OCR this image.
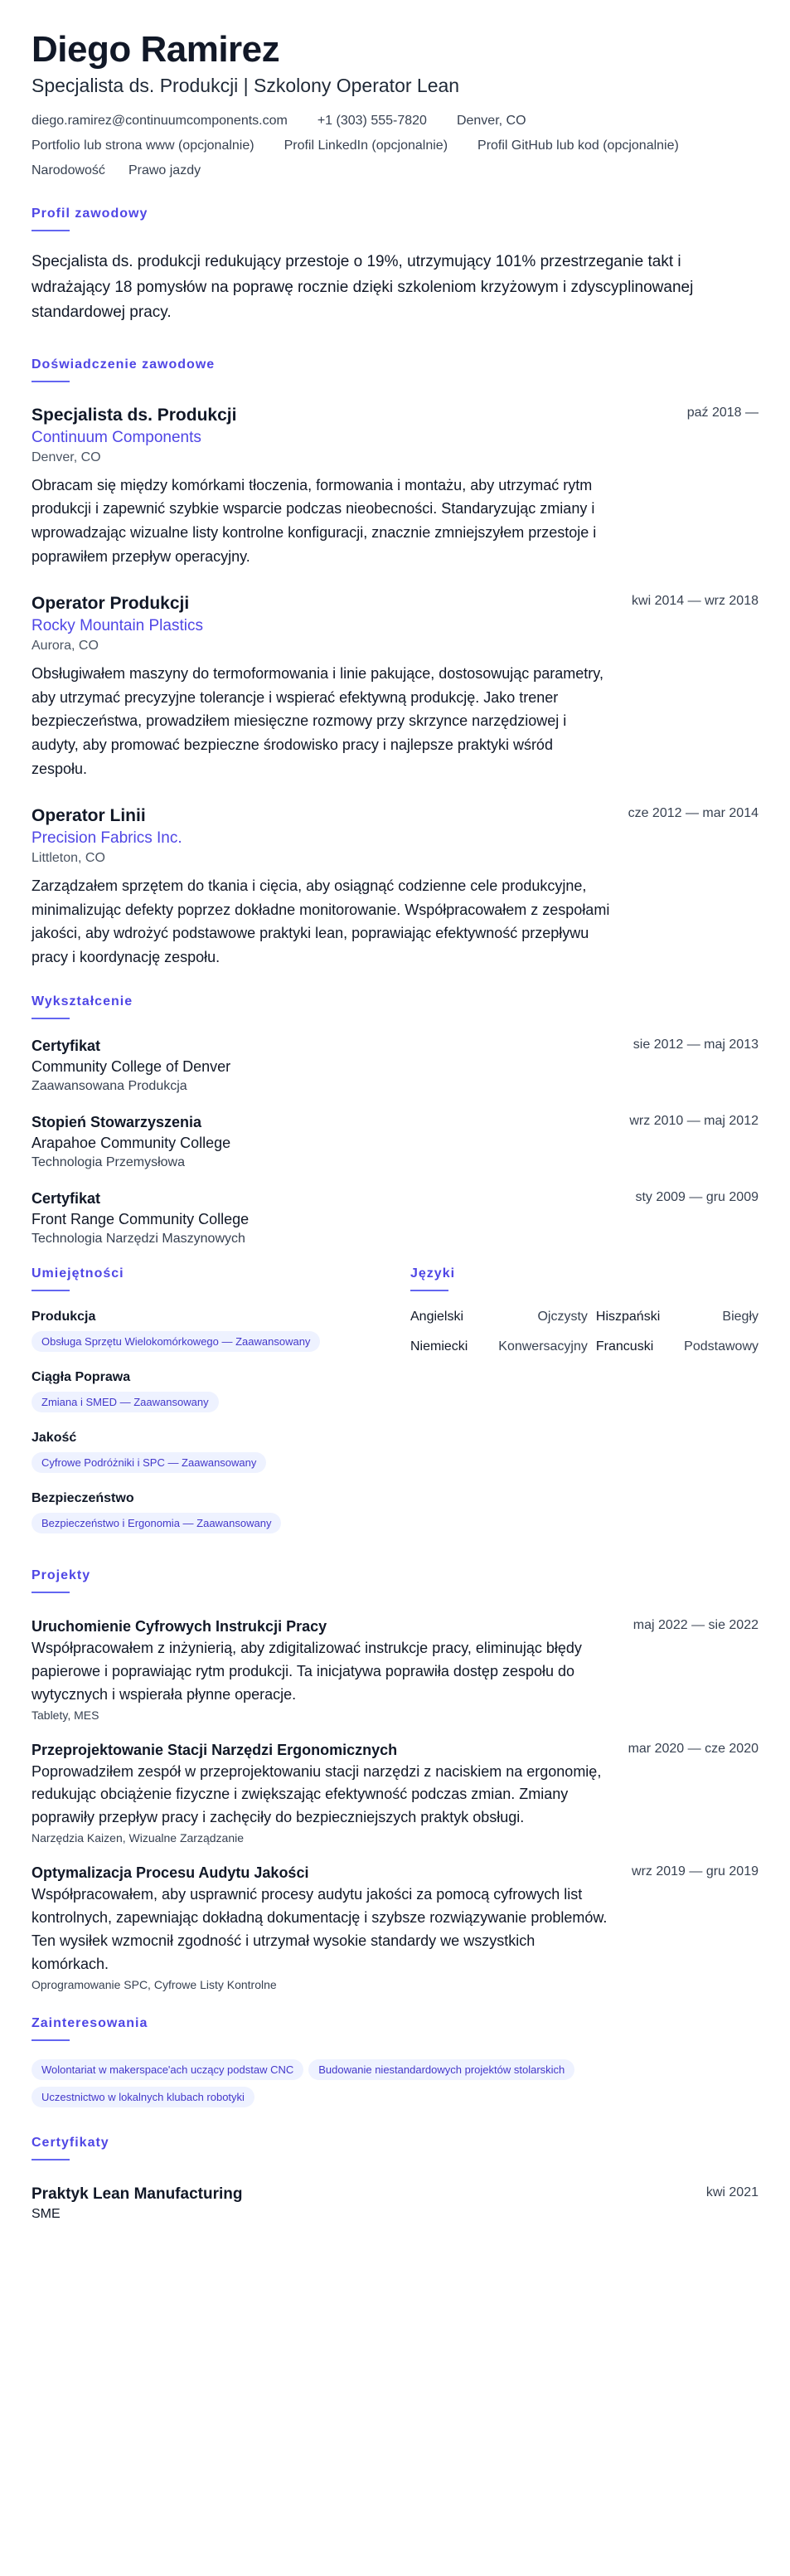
Diego Ramirez
Specjalista ds. Produkcji | Szkolony Operator Lean
diego.ramirez@continuumcomponents.com +1 (303) 555-7820 Denver, CO
Portfolio lub strona www (opcjonalnie) Profil LinkedIn (opcjonalnie) Profil GitHub lub kod (opcjonalnie)
Narodowość Prawo jazdy
Profil zawodowy

Specjalista ds. produkcji redukujący przestoje o 19%, utrzymujący 101% przestrzeganie takt i wdrażający 18 pomysłów na poprawę rocznie dzięki szkoleniom krzyżowym i zdyscyplinowanej standardowej pracy.

Doświadczenie zawodowe
Specjalista ds. Produkcji	paź 2018 —
Continuum Components
Denver, CO
Obracam się między komórkami tłoczenia, formowania i montażu, aby utrzymać rytm produkcji i zapewnić szybkie wsparcie podczas nieobecności. Standaryzując zmiany i wprowadzając wizualne listy kontrolne konfiguracji, znacznie zmniejszyłem przestoje i poprawiłem przepływ operacyjny.
Operator Produkcji	kwi 2014 — wrz 2018
Rocky Mountain Plastics
Aurora, CO
Obsługiwałem maszyny do termoformowania i linie pakujące, dostosowując parametry, aby utrzymać precyzyjne tolerancje i wspierać efektywną produkcję. Jako trener bezpieczeństwa, prowadziłem miesięczne rozmowy przy skrzynce narzędziowej i audyty, aby promować bezpieczne środowisko pracy i najlepsze praktyki wśród zespołu.
Operator Linii	cze 2012 — mar 2014
Precision Fabrics Inc.
Littleton, CO
Zarządzałem sprzętem do tkania i cięcia, aby osiągnąć codzienne cele produkcyjne, minimalizując defekty poprzez dokładne monitorowanie. Współpracowałem z zespołami jakości, aby wdrożyć podstawowe praktyki lean, poprawiając efektywność przepływu pracy i koordynację zespołu.
Wykształcenie
Certyfikat	sie 2012 — maj 2013
Community College of Denver
Zaawansowana Produkcja
Stopień Stowarzyszenia	wrz 2010 — maj 2012
Arapahoe Community College
Technologia Przemysłowa
Certyfikat	sty 2009 — gru 2009
Front Range Community College
Technologia Narzędzi Maszynowych
Umiejętności
Produkcja
Obsługa Sprzętu Wielokomórkowego — Zaawansowany
Ciągła Poprawa
Zmiana i SMED — Zaawansowany
Jakość
Cyfrowe Podróżniki i SPC — Zaawansowany
Bezpieczeństwo
Bezpieczeństwo i Ergonomia — Zaawansowany
Języki
Angielski	Ojczysty Hiszpański	Biegły
Niemiecki	Konwersacyjny Francuski	Podstawowy
Projekty
Uruchomienie Cyfrowych Instrukcji Pracy	maj 2022 — sie 2022
Współpracowałem z inżynierią, aby zdigitalizować instrukcje pracy, eliminując błędy papierowe i poprawiając rytm produkcji. Ta inicjatywa poprawiła dostęp zespołu do wytycznych i wspierała płynne operacje.
Tablety, MES
Przeprojektowanie Stacji Narzędzi Ergonomicznych	mar 2020 — cze 2020
Poprowadziłem zespół w przeprojektowaniu stacji narzędzi z naciskiem na ergonomię, redukując obciążenie fizyczne i zwiększając efektywność podczas zmian. Zmiany poprawiły przepływ pracy i zachęciły do bezpieczniejszych praktyk obsługi.
Narzędzia Kaizen, Wizualne Zarządzanie
Optymalizacja Procesu Audytu Jakości	wrz 2019 — gru 2019
Współpracowałem, aby usprawnić procesy audytu jakości za pomocą cyfrowych list kontrolnych, zapewniając dokładną dokumentację i szybsze rozwiązywanie problemów. Ten wysiłek wzmocnił zgodność i utrzymał wysokie standardy we wszystkich komórkach.
Oprogramowanie SPC, Cyfrowe Listy Kontrolne
Zainteresowania
Wolontariat w makerspace'ach uczący podstaw CNC	Budowanie niestandardowych projektów stolarskich
Uczestnictwo w lokalnych klubach robotyki
Certyfikaty
Praktyk Lean Manufacturing	kwi 2021
SME
